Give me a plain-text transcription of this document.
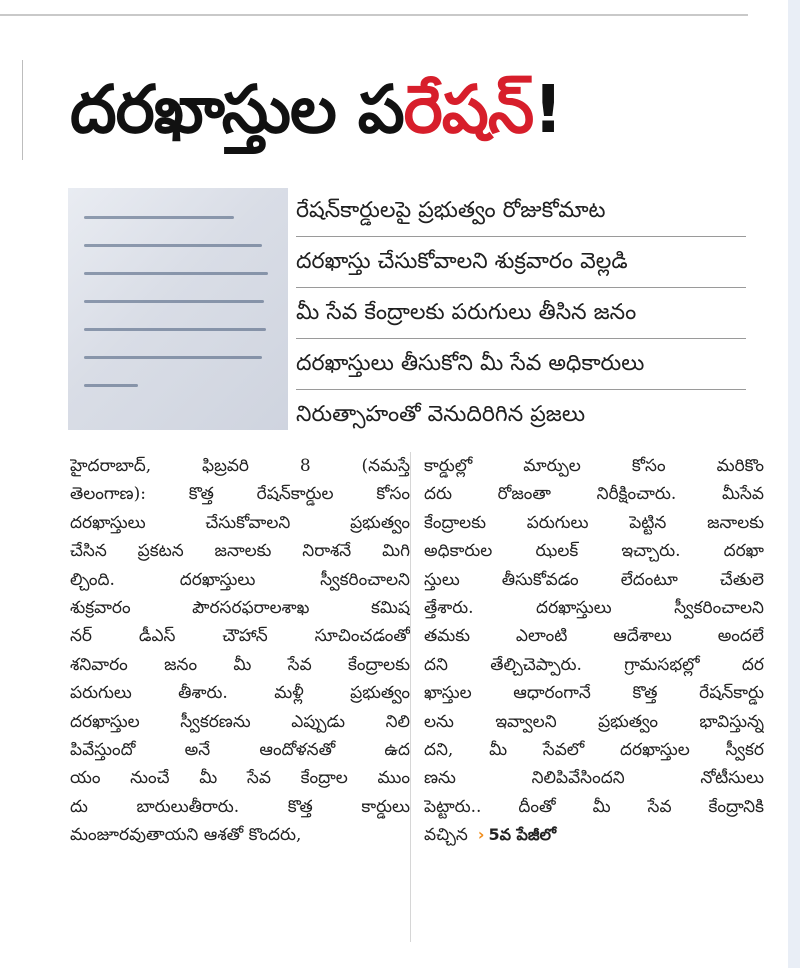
దరఖాస్తుల పరేషన్!
రేషన్‌కార్డులపై ప్రభుత్వం రోజుకోమాట
దరఖాస్తు చేసుకోవాలని శుక్రవారం వెల్లడి
మీ సేవ కేంద్రాలకు పరుగులు తీసిన జనం
దరఖాస్తులు తీసుకోని మీ సేవ అధికారులు
నిరుత్సాహంతో వెనుదిరిగిన ప్రజలు
హైదరాబాద్, ఫిబ్రవరి 8 (నమస్తే
తెలంగాణ): కొత్త రేషన్‌కార్డుల కోసం
దరఖాస్తులు చేసుకోవాలని ప్రభుత్వం
చేసిన ప్రకటన జనాలకు నిరాశనే మిగి
ల్చింది. దరఖాస్తులు స్వీకరించాలని
శుక్రవారం పౌరసరఫరాలశాఖ కమిష
నర్ డీఎస్ చౌహాన్ సూచించడంతో
శనివారం జనం మీ సేవ కేంద్రాలకు
పరుగులు తీశారు. మళ్లీ ప్రభుత్వం
దరఖాస్తుల స్వీకరణను ఎప్పుడు నిలి
పివేస్తుందో అనే ఆందోళనతో ఉద
యం నుంచే మీ సేవ కేంద్రాల ముం
దు బారులుతీరారు. కొత్త కార్డులు
మంజూరవుతాయని ఆశతో కొందరు,
కార్డుల్లో మార్పుల కోసం మరికొం
దరు రోజంతా నిరీక్షించారు. మీసేవ
కేంద్రాలకు పరుగులు పెట్టిన జనాలకు
అధికారుల ఝలక్ ఇచ్చారు. దరఖా
స్తులు తీసుకోవడం లేదంటూ చేతులె
త్తేశారు. దరఖాస్తులు స్వీకరించాలని
తమకు ఎలాంటి ఆదేశాలు అందలే
దని తేల్చిచెప్పారు. గ్రామసభల్లో దర
ఖాస్తుల ఆధారంగానే కొత్త రేషన్‌కార్డు
లను ఇవ్వాలని ప్రభుత్వం భావిస్తున్న
దని, మీ సేవలో దరఖాస్తుల స్వీకర
ణను నిలిపివేసిందని నోటీసులు
పెట్టారు.. దీంతో మీ సేవ కేంద్రానికి
వచ్చిన › 5వ పేజీలో
